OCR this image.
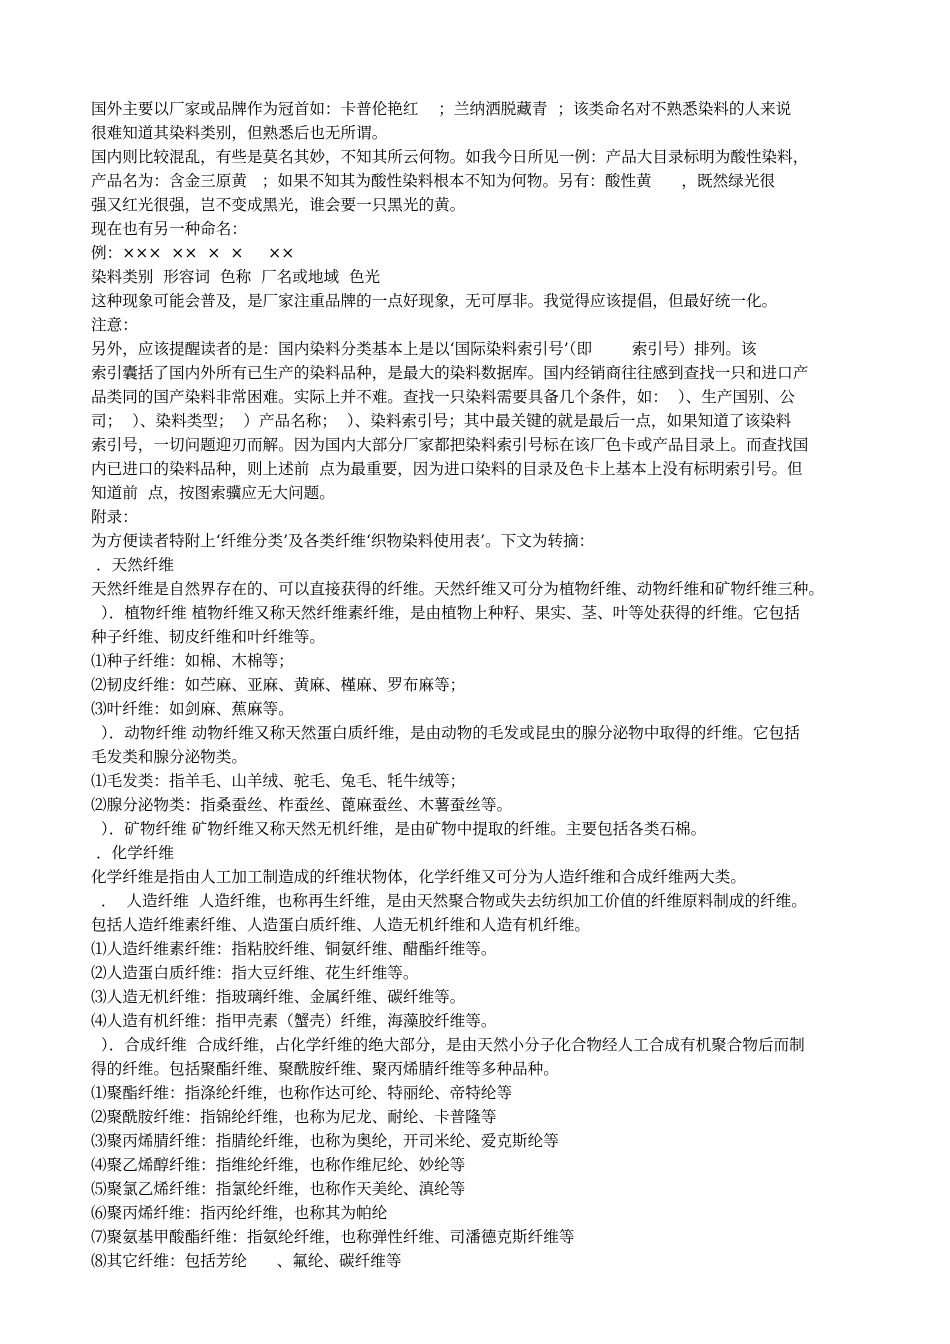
国外主要以厂家或品牌作为冠首如：卡普伦艳红    ；兰纳洒脱藏青  ；该类命名对不熟悉染料的人来说
很难知道其染料类别，但熟悉后也无所谓。
国内则比较混乱，有些是莫名其妙，不知其所云何物。如我今日所见一例：产品大目录标明为酸性染料，
产品名为：含金三原黄   ；如果不知其为酸性染料根本不知为何物。另有：酸性黄      ，既然绿光很
强又红光很强，岂不变成黑光，谁会要一只黑光的黄。
现在也有另一种命名：
例：×××  ××  ×  ×     ××
染料类别  形容词  色称  厂名或地域  色光
这种现象可能会普及，是厂家注重品牌的一点好现象，无可厚非。我觉得应该提倡，但最好统一化。
注意：
另外，应该提醒读者的是：国内染料分类基本上是以‘国际染料索引号’（即        索引号）排列。该
索引囊括了国内外所有已生产的染料品种，是最大的染料数据库。国内经销商往往感到查找一只和进口产
品类同的国产染料非常困难。实际上并不难。查找一只染料需要具备几个条件，如：  ）、生产国别、公
司；  ）、染料类型；  ）产品名称；  ）、染料索引号；其中最关键的就是最后一点，如果知道了该染料
索引号，一切问题迎刃而解。因为国内大部分厂家都把染料索引号标在该厂色卡或产品目录上。而查找国
内已进口的染料品种，则上述前  点为最重要，因为进口染料的目录及色卡上基本上没有标明索引号。但
知道前  点，按图索骥应无大问题。
附录：
为方便读者特附上‘纤维分类’及各类纤维‘织物染料使用表’。下文为转摘：
．天然纤维
天然纤维是自然界存在的、可以直接获得的纤维。天然纤维又可分为植物纤维、动物纤维和矿物纤维三种。
）．植物纤维 植物纤维又称天然纤维素纤维，是由植物上种籽、果实、茎、叶等处获得的纤维。它包括
种子纤维、韧皮纤维和叶纤维等。
⑴种子纤维：如棉、木棉等；
⑵韧皮纤维：如苎麻、亚麻、黄麻、槿麻、罗布麻等；
⑶叶纤维：如剑麻、蕉麻等。
）．动物纤维 动物纤维又称天然蛋白质纤维，是由动物的毛发或昆虫的腺分泌物中取得的纤维。它包括
毛发类和腺分泌物类。
⑴毛发类：指羊毛、山羊绒、驼毛、兔毛、牦牛绒等；
⑵腺分泌物类：指桑蚕丝、柞蚕丝、蓖麻蚕丝、木薯蚕丝等。
）．矿物纤维 矿物纤维又称天然无机纤维，是由矿物中提取的纤维。主要包括各类石棉。
．化学纤维
化学纤维是指由人工加工制造成的纤维状物体，化学纤维又可分为人造纤维和合成纤维两大类。
．  人造纤维  人造纤维，也称再生纤维，是由天然聚合物或失去纺织加工价值的纤维原料制成的纤维。
包括人造纤维素纤维、人造蛋白质纤维、人造无机纤维和人造有机纤维。
⑴人造纤维素纤维：指粘胶纤维、铜氨纤维、醋酯纤维等。
⑵人造蛋白质纤维：指大豆纤维、花生纤维等。
⑶人造无机纤维：指玻璃纤维、金属纤维、碳纤维等。
⑷人造有机纤维：指甲壳素（蟹壳）纤维，海藻胶纤维等。
）．合成纤维  合成纤维，占化学纤维的绝大部分，是由天然小分子化合物经人工合成有机聚合物后而制
得的纤维。包括聚酯纤维、聚酰胺纤维、聚丙烯腈纤维等多种品种。
⑴聚酯纤维：指涤纶纤维，也称作达可纶、特丽纶、帝特纶等
⑵聚酰胺纤维：指锦纶纤维，也称为尼龙、耐纶、卡普隆等
⑶聚丙烯腈纤维：指腈纶纤维，也称为奥纶，开司米纶、爱克斯纶等
⑷聚乙烯醇纤维：指维纶纤维，也称作维尼纶、妙纶等
⑸聚氯乙烯纤维：指氯纶纤维，也称作天美纶、滇纶等
⑹聚丙烯纤维：指丙纶纤维，也称其为帕纶
⑺聚氨基甲酸酯纤维：指氨纶纤维，也称弹性纤维、司潘德克斯纤维等
⑻其它纤维：包括芳纶      、氟纶、碳纤维等
